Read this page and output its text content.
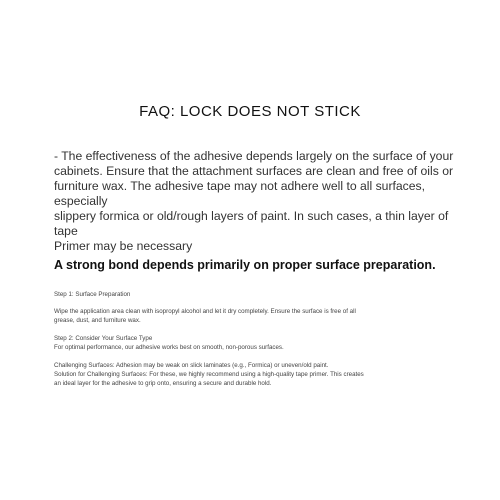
FAQ: LOCK DOES NOT STICK
- The effectiveness of the adhesive depends largely on the surface of your
cabinets. Ensure that the attachment surfaces are clean and free of oils or
furniture wax. The adhesive tape may not adhere well to all surfaces, especially
slippery formica or old/rough layers of paint. In such cases, a thin layer of tape
Primer may be necessary
A strong bond depends primarily on proper surface preparation.
Step 1: Surface Preparation
Wipe the application area clean with isopropyl alcohol and let it dry completely. Ensure the surface is free of all
grease, dust, and furniture wax.
Step 2: Consider Your Surface Type
For optimal performance, our adhesive works best on smooth, non-porous surfaces.
Challenging Surfaces: Adhesion may be weak on slick laminates (e.g., Formica) or uneven/old paint.
Solution for Challenging Surfaces: For these, we highly recommend using a high-quality tape primer. This creates
an ideal layer for the adhesive to grip onto, ensuring a secure and durable hold.
